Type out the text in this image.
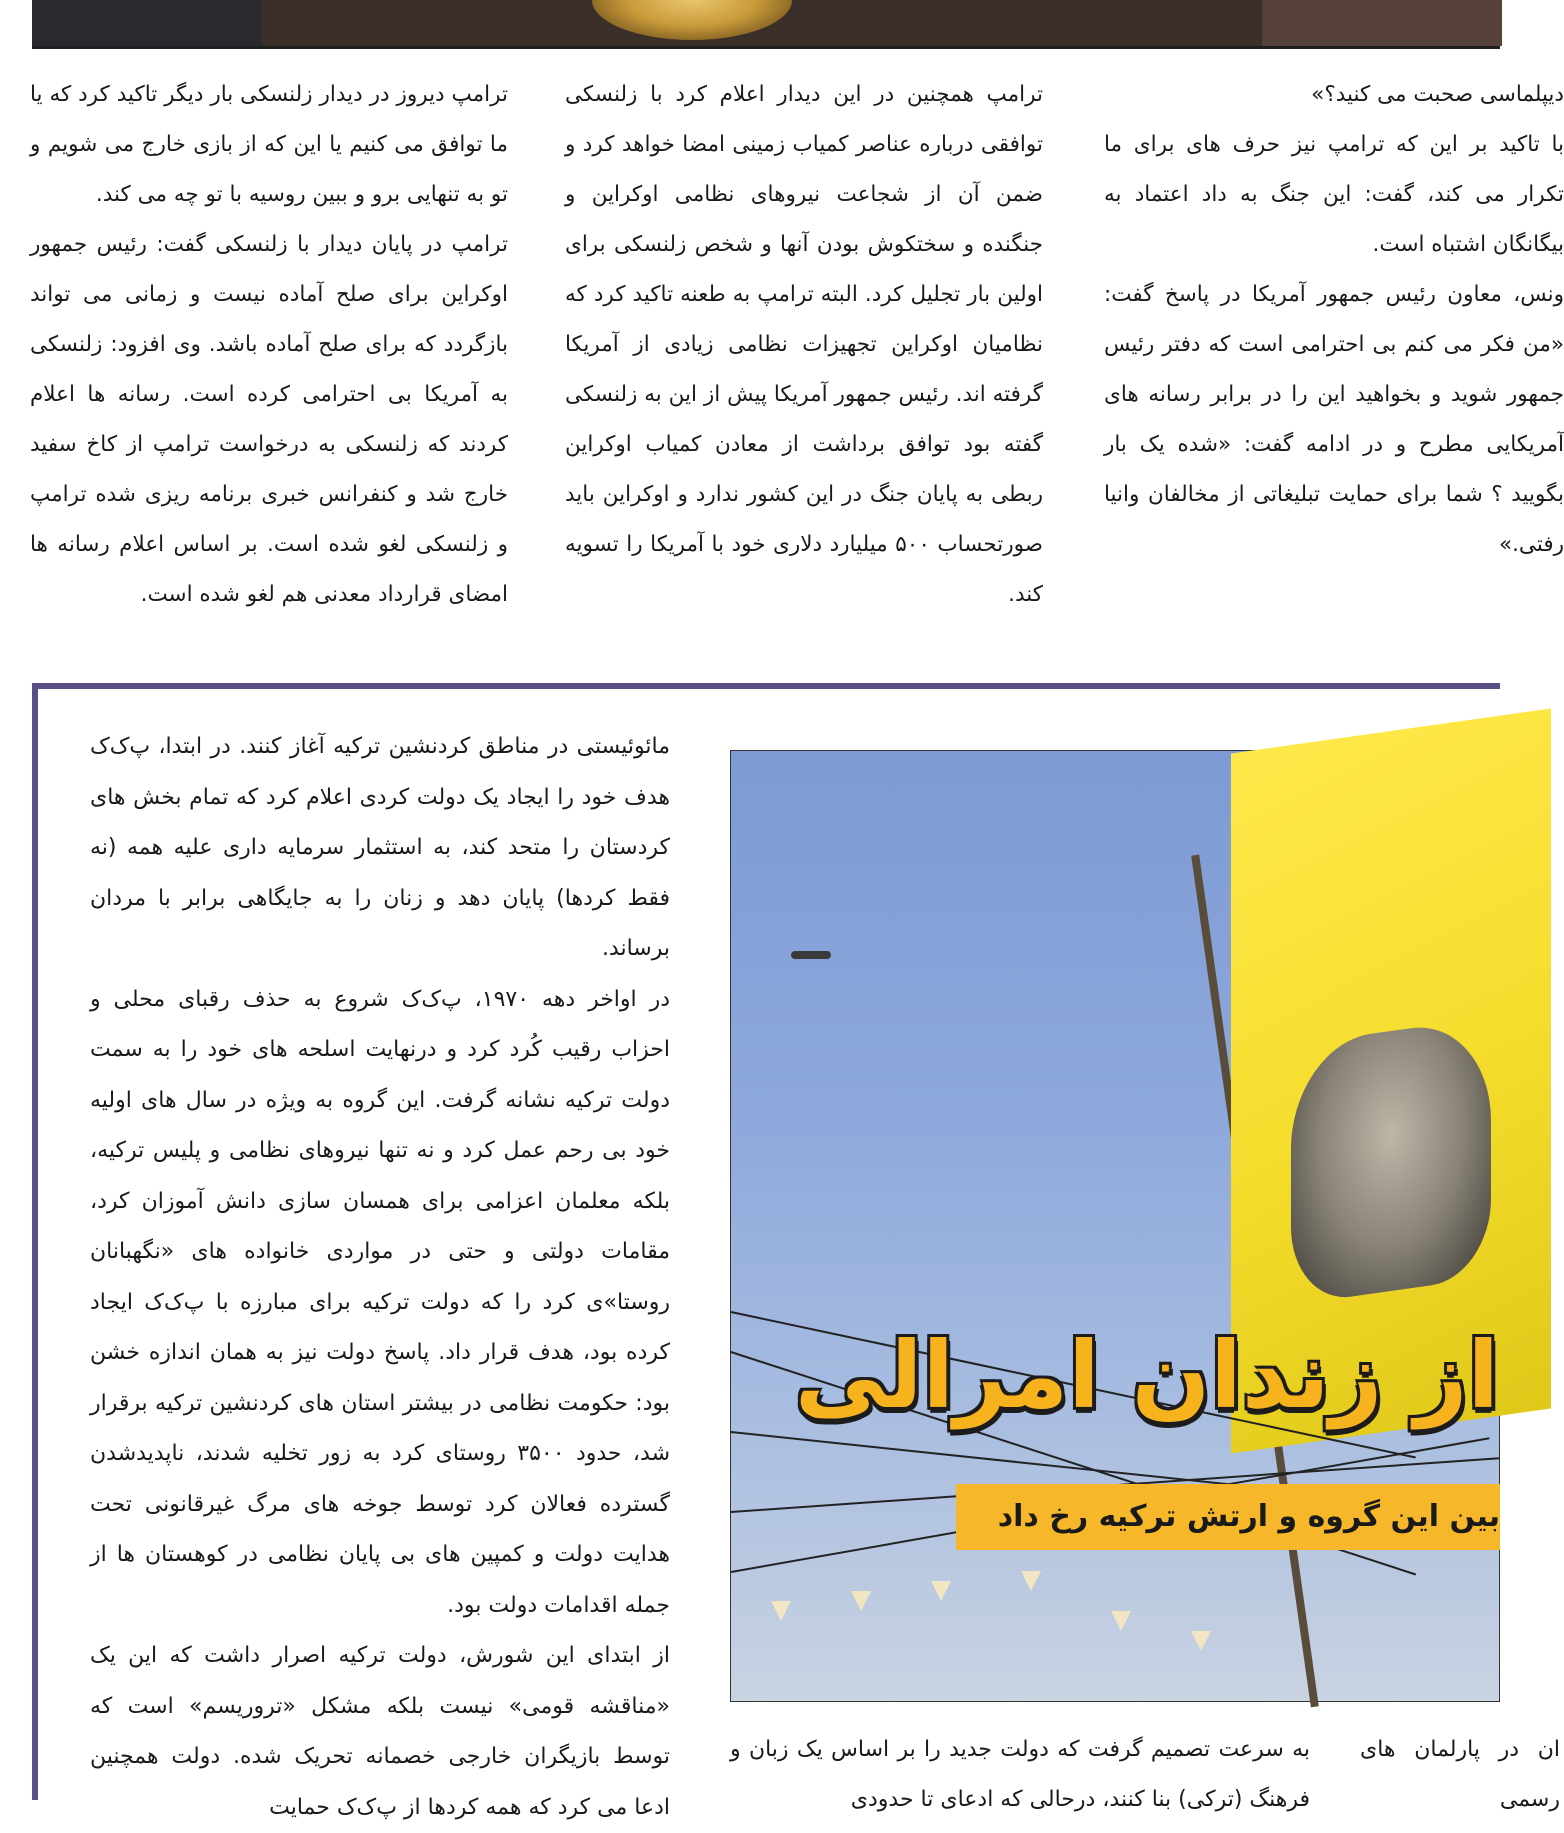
ترامپ دیروز در دیدار زلنسکی بار دیگر تاکید کرد که یا ما توافق می کنیم یا این که از بازی خارج می شویم و تو به تنهایی برو و ببین روسیه با تو چه می کند.

ترامپ در پایان دیدار با زلنسکی گفت: رئیس جمهور اوکراین برای صلح آماده نیست و زمانی می تواند بازگردد که برای صلح آماده باشد. وی افزود: زلنسکی به آمریکا بی احترامی کرده است. رسانه ها اعلام کردند که زلنسکی به درخواست ترامپ از کاخ سفید خارج شد و کنفرانس خبری برنامه ریزی شده ترامپ و زلنسکی لغو شده است. بر اساس اعلام رسانه ها امضای قرارداد معدنی هم لغو شده است.

ترامپ همچنین در این دیدار اعلام کرد با زلنسکی توافقی درباره عناصر کمیاب زمینی امضا خواهد کرد و ضمن آن از شجاعت نیروهای نظامی اوکراین و جنگنده و سختکوش بودن آنها و شخص زلنسکی برای اولین بار تجلیل کرد. البته ترامپ به طعنه تاکید کرد که نظامیان اوکراین تجهیزات نظامی زیادی از آمریکا گرفته اند. رئیس جمهور آمریکا پیش از این به زلنسکی گفته بود توافق برداشت از معادن کمیاب اوکراین ربطی به پایان جنگ در این کشور ندارد و اوکراین باید صورتحساب ۵۰۰ میلیارد دلاری خود با آمریکا را تسویه کند.

دیپلماسی صحبت می کنید؟»

با تاکید بر این که ترامپ نیز حرف های برای ما تکرار می کند، گفت: این جنگ به داد اعتماد به بیگانگان اشتباه است.

ونس، معاون رئیس جمهور آمریکا در پاسخ گفت: «من فکر می کنم بی احترامی است که دفتر رئیس جمهور شوید و بخواهید این را در برابر رسانه های آمریکایی مطرح و در ادامه گفت: «شده یک بار بگویید ؟ شما برای حمایت تبلیغاتی از مخالفان وانیا رفتی.»

مائوئیستی در مناطق کردنشین ترکیه آغاز کنند. در ابتدا، پ‌ک‌ک هدف خود را ایجاد یک دولت کردی اعلام کرد که تمام بخش های کردستان را متحد کند، به استثمار سرمایه داری علیه همه (نه فقط کردها) پایان دهد و زنان را به جایگاهی برابر با مردان برساند.

در اواخر دهه ۱۹۷۰، پ‌ک‌ک شروع به حذف رقبای محلی و احزاب رقیب کُرد کرد و درنهایت اسلحه های خود را به سمت دولت ترکیه نشانه گرفت. این گروه به ویژه در سال های اولیه خود بی رحم عمل کرد و نه تنها نیروهای نظامی و پلیس ترکیه، بلکه معلمان اعزامی برای همسان سازی دانش آموزان کرد، مقامات دولتی و حتی در مواردی خانواده های «نگهبانان روستا»ی کرد را که دولت ترکیه برای مبارزه با پ‌ک‌ک ایجاد کرده بود، هدف قرار داد. پاسخ دولت نیز به همان اندازه خشن بود: حکومت نظامی در بیشتر استان های کردنشین ترکیه برقرار شد، حدود ۳۵۰۰ روستای کرد به زور تخلیه شدند، ناپدیدشدن گسترده فعالان کرد توسط جوخه های مرگ غیرقانونی تحت هدایت دولت و کمپین های بی پایان نظامی در کوهستان ها از جمله اقدامات دولت بود.

از ابتدای این شورش، دولت ترکیه اصرار داشت که این یک «مناقشه قومی» نیست بلکه مشکل «تروریسم» است که توسط بازیگران خارجی خصمانه تحریک شده. دولت همچنین ادعا می کرد که همه کردها از پ‌ک‌ک حمایت

از زندان امرالی
بین این گروه و ارتش ترکیه رخ داد

به سرعت تصمیم گرفت که دولت جدید را بر اساس یک زبان و فرهنگ (ترکی) بنا کنند، درحالی که ادعای تا حدودی

ان در پارلمان های رسمی
